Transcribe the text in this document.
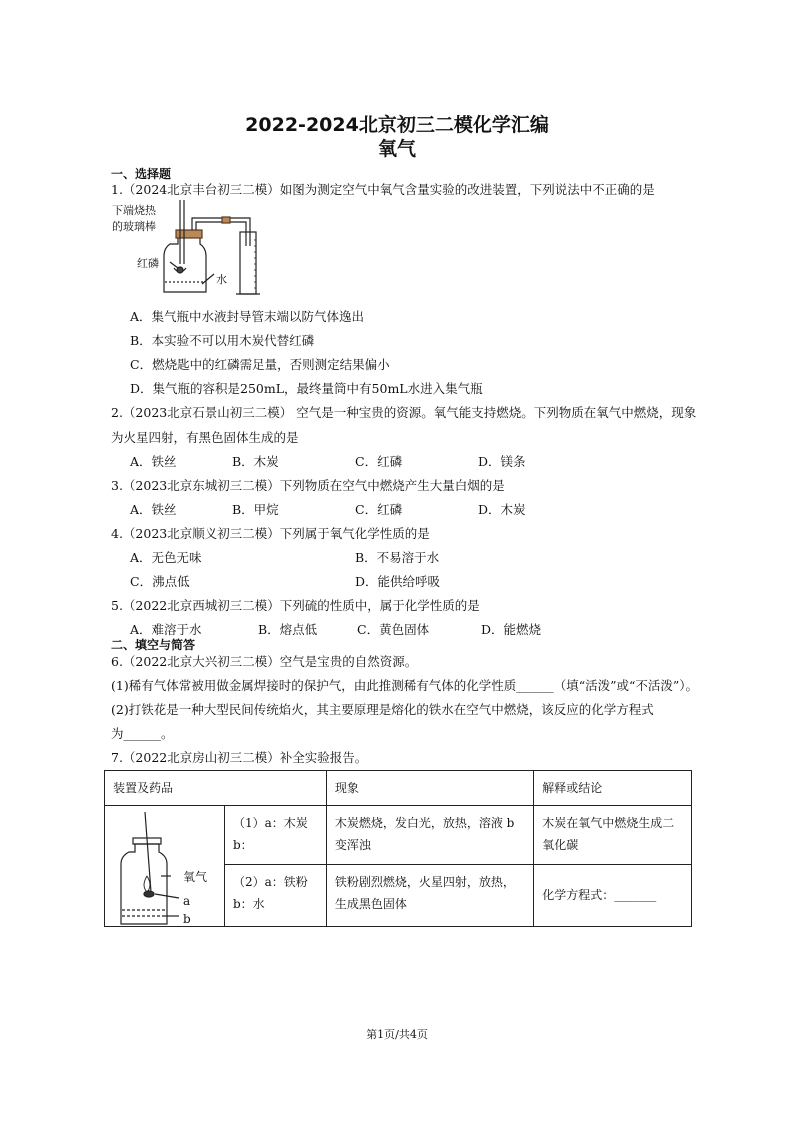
2022-2024北京初三二模化学汇编
氧气
一、选择题
1.（2024北京丰台初三二模）如图为测定空气中氧气含量实验的改进装置，下列说法中不正确的是
下端烧热
的玻璃棒
红磷
水
A．集气瓶中水液封导管末端以防气体逸出
B．本实验不可以用木炭代替红磷
C．燃烧匙中的红磷需足量，否则测定结果偏小
D．集气瓶的容积是250mL，最终量筒中有50mL水进入集气瓶
2.（2023北京石景山初三二模） 空气是一种宝贵的资源。氧气能支持燃烧。下列物质在氧气中燃烧，现象
为火星四射，有黑色固体生成的是
A．铁丝	B．木炭	C．红磷	D．镁条
3.（2023北京东城初三二模）下列物质在空气中燃烧产生大量白烟的是
A．铁丝	B．甲烷	C．红磷	D．木炭
4.（2023北京顺义初三二模）下列属于氧气化学性质的是
A．无色无味	B．不易溶于水
C．沸点低	D．能供给呼吸
5.（2022北京西城初三二模）下列硫的性质中，属于化学性质的是
A．难溶于水	B．熔点低	C．黄色固体	D．能燃烧
二、填空与简答
6.（2022北京大兴初三二模）空气是宝贵的自然资源。
(1)稀有气体常被用做金属焊接时的保护气，由此推测稀有气体的化学性质______（填“活泼”或“不活泼”）。
(2)打铁花是一种大型民间传统焰火，其主要原理是熔化的铁水在空气中燃烧，该反应的化学方程式
为______。
7.（2022北京房山初三二模）补全实验报告。
装置及药品		现象	解释或结论

氧气
a
b	（1）a：木炭 b：	木炭燃烧，发白光，放热，溶液 b 变浑浊	木炭在氧气中燃烧生成二氧化碳
	（2）a：铁粉 b：水	铁粉剧烈燃烧，火星四射，放热，生成黑色固体	化学方程式：_______
第1页/共4页
